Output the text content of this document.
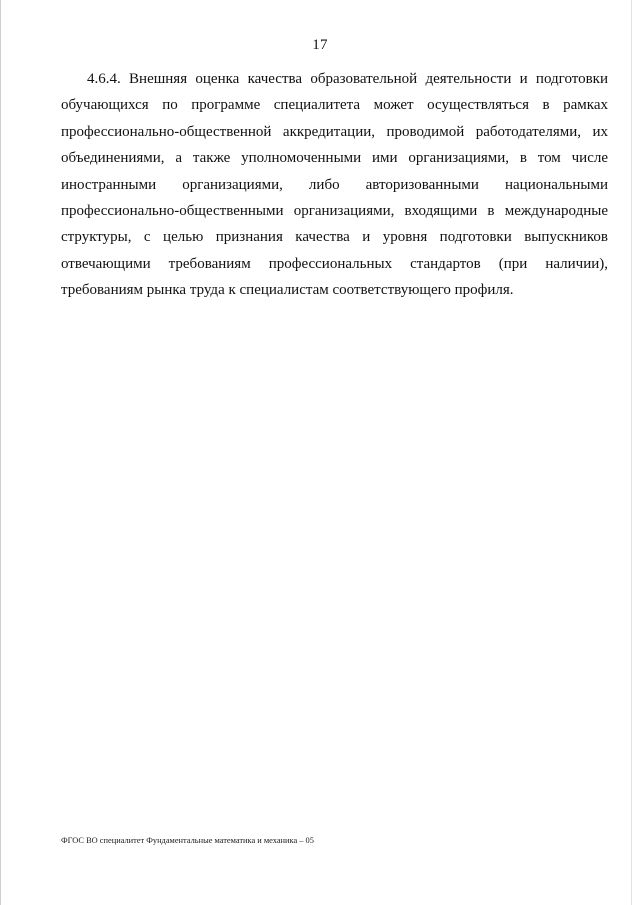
17
4.6.4. Внешняя оценка качества образовательной деятельности и подготовки
обучающихся по программе специалитета может осуществляться в рамках
профессионально-общественной аккредитации, проводимой работодателями, их
объединениями, а также уполномоченными ими организациями, в том числе
иностранными организациями, либо авторизованными национальными
профессионально-общественными организациями, входящими в международные
структуры, с целью признания качества и уровня подготовки выпускников
отвечающими требованиям профессиональных стандартов (при наличии),
требованиям рынка труда к специалистам соответствующего профиля.
ФГОС ВО специалитет Фундаментальные математика и механика – 05
